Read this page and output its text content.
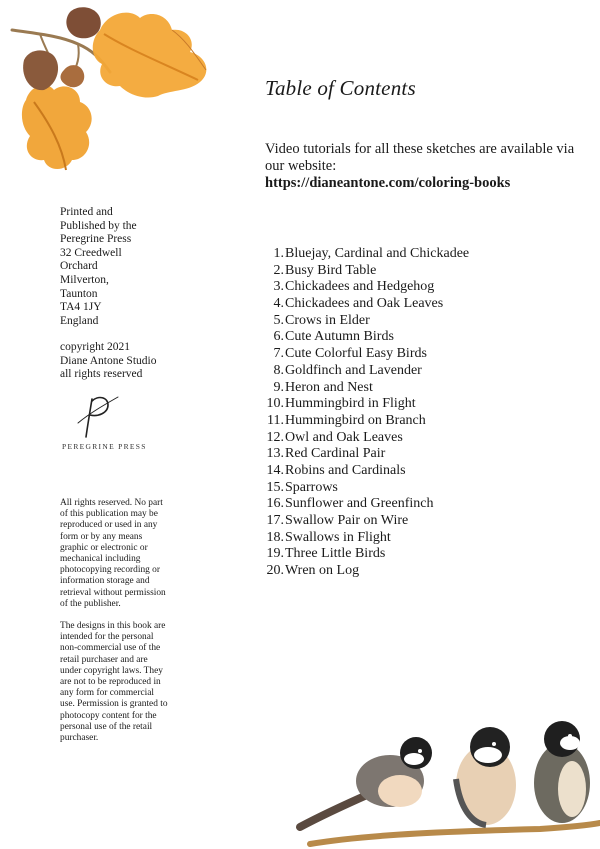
Table of Contents
Video tutorials for all these sketches are available via our website:
https://dianeantone.com/coloring-books
Printed and
Published by the
Peregrine Press
32 Creedwell
Orchard
Milverton,
Taunton
TA4 1JY
England
copyright 2021
Diane Antone Studio
all rights reserved
PEREGRINE PRESS

All rights reserved. No part of this publication may be reproduced or used in any form or by any means graphic or electronic or mechanical including photocopying recording or information storage and retrieval without permission of the publisher.

The designs in this book are intended for the personal non-commercial use of the retail purchaser and are under copyright laws. They are not to be reproduced in any form for commercial use. Permission is granted to photocopy content for the personal use of the retail purchaser.

1. Bluejay, Cardinal and Chickadee
2. Busy Bird Table
3. Chickadees and Hedgehog
4. Chickadees and Oak Leaves
5. Crows in Elder
6. Cute Autumn Birds
7. Cute Colorful Easy Birds
8. Goldfinch and Lavender
9. Heron and Nest
10. Hummingbird in Flight
11. Hummingbird on Branch
12. Owl and Oak Leaves
13. Red Cardinal Pair
14. Robins and Cardinals
15. Sparrows
16. Sunflower and Greenfinch
17. Swallow Pair on Wire
18. Swallows in Flight
19. Three Little Birds
20. Wren on Log
